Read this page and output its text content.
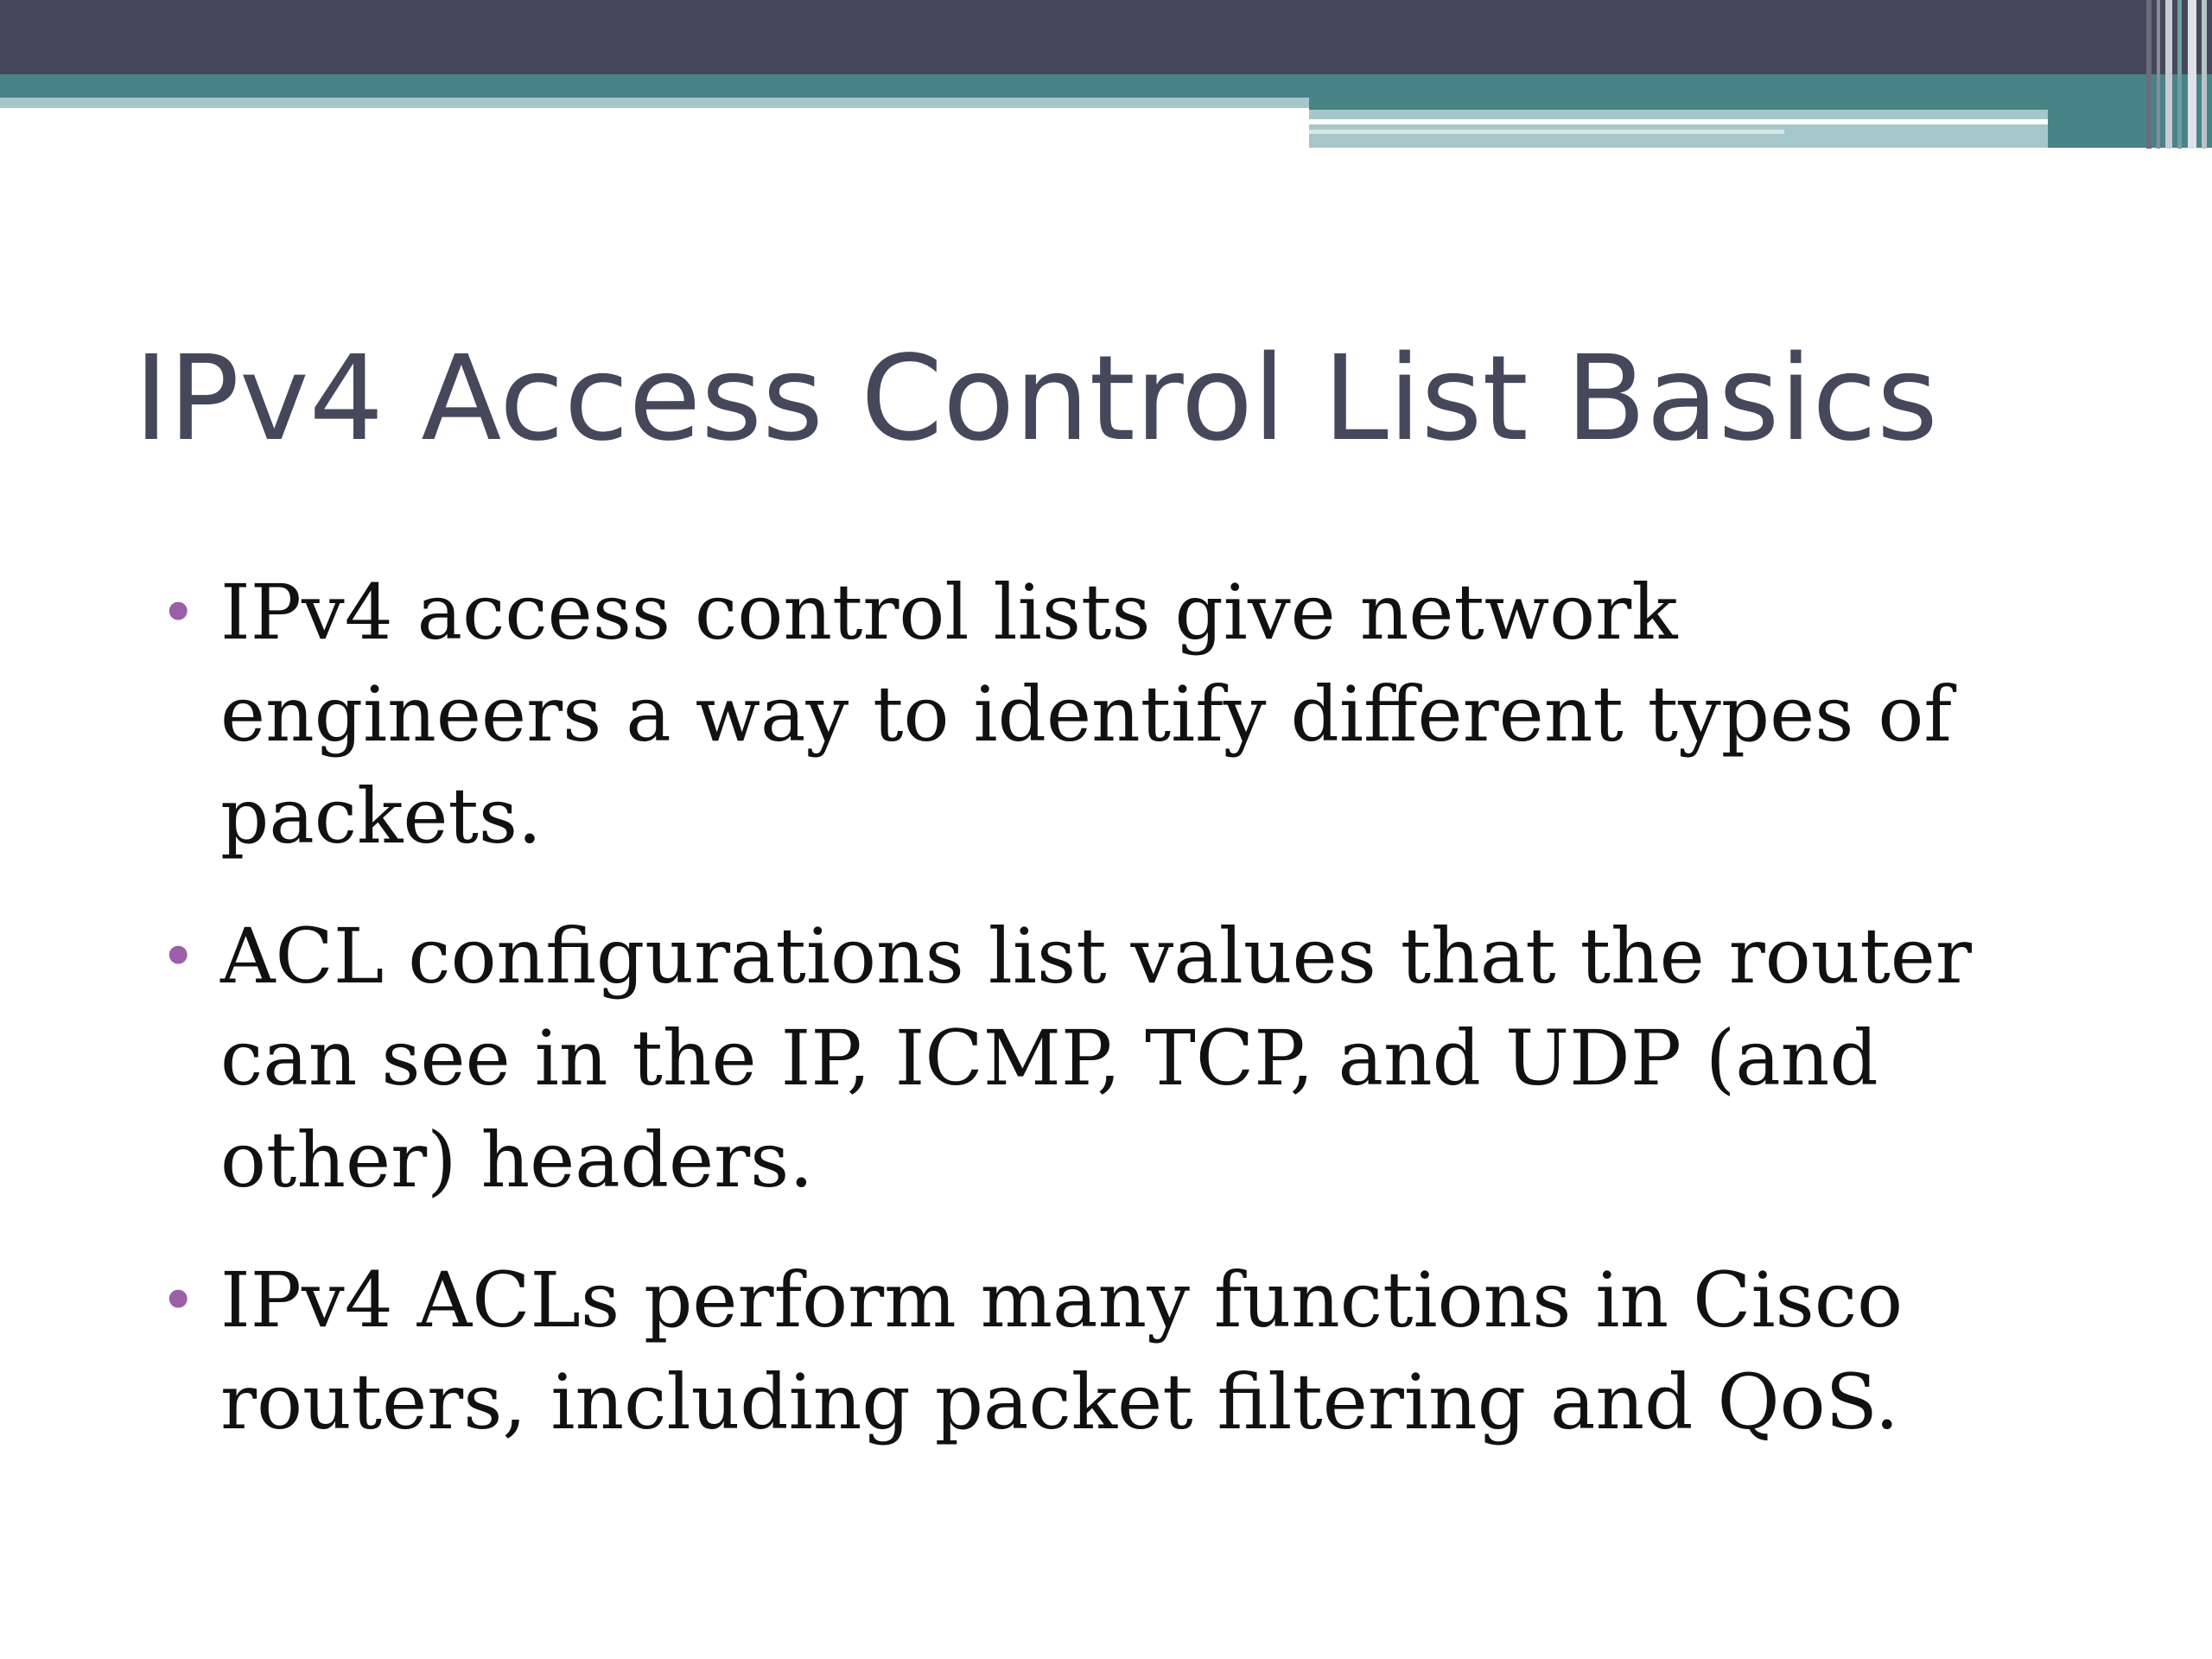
IPv4 Access Control List Basics
• IPv4 access control lists give network engineers a way to identify different types of packets.
• ACL configurations list values that the router can see in the IP, ICMP, TCP, and UDP (and other) headers.
• IPv4 ACLs perform many functions in Cisco routers, including packet filtering and QoS.
